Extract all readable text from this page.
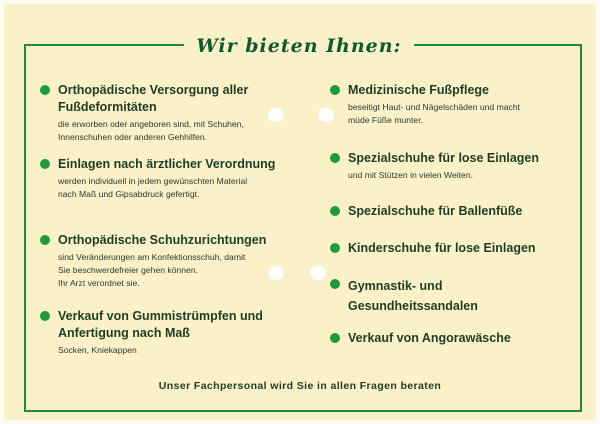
Wir bieten Ihnen:
Orthopädische Versorgung aller Fußdeformitäten
die erworben oder angeboren sind, mit Schuhen,
Innenschuhen oder anderen Gehhilfen.
Einlagen nach ärztlicher Verordnung
werden individuell in jedem gewünschten Material
nach Maß und Gipsabdruck gefertigt.
Orthopädische Schuhzurichtungen
sind Veränderungen am Konfektionsschuh, damit
Sie beschwerdefreier gehen können.
Ihr Arzt verordnet sie.
Verkauf von Gummistrümpfen und Anfertigung nach Maß
Socken, Kniekappen
Medizinische Fußpflege
beseitigt Haut- und Nägelschäden und macht
müde Füße munter.
Spezialschuhe für lose Einlagen
und mit Stützen in vielen Weiten.
Spezialschuhe für Ballenfüße
Kinderschuhe für lose Einlagen
Gymnastik- und Gesundheitssandalen
Verkauf von Angorawäsche
Unser Fachpersonal wird Sie in allen Fragen beraten
